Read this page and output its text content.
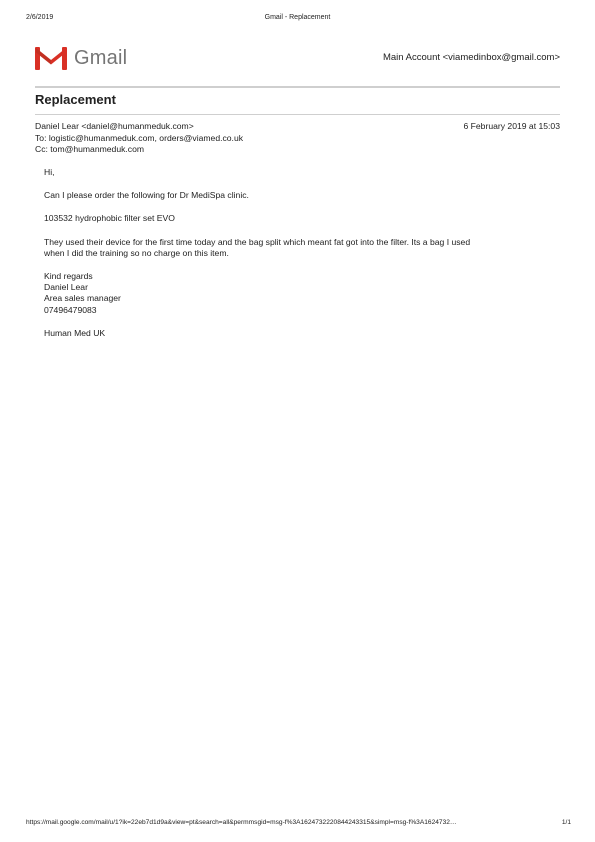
2/6/2019	Gmail - Replacement
Gmail	Main Account <viamedinbox@gmail.com>
Replacement
Daniel Lear <daniel@humanmeduk.com>	6 February 2019 at 15:03
To: logistic@humanmeduk.com, orders@viamed.co.uk
Cc: tom@humanmeduk.com

Hi,

Can I please order the following for Dr MediSpa clinic.

103532 hydrophobic filter set EVO

They used their device for the first time today and the bag split which meant fat got into the filter. Its a bag I used
when I did the training so no charge on this item.

Kind regards
Daniel Lear
Area sales manager
07496479083

Human Med UK

https://mail.google.com/mail/u/1?ik=22eb7d1d9a&view=pt&search=all&permmsgid=msg-f%3A1624732220844243315&simpl=msg-f%3A1624732…	1/1
